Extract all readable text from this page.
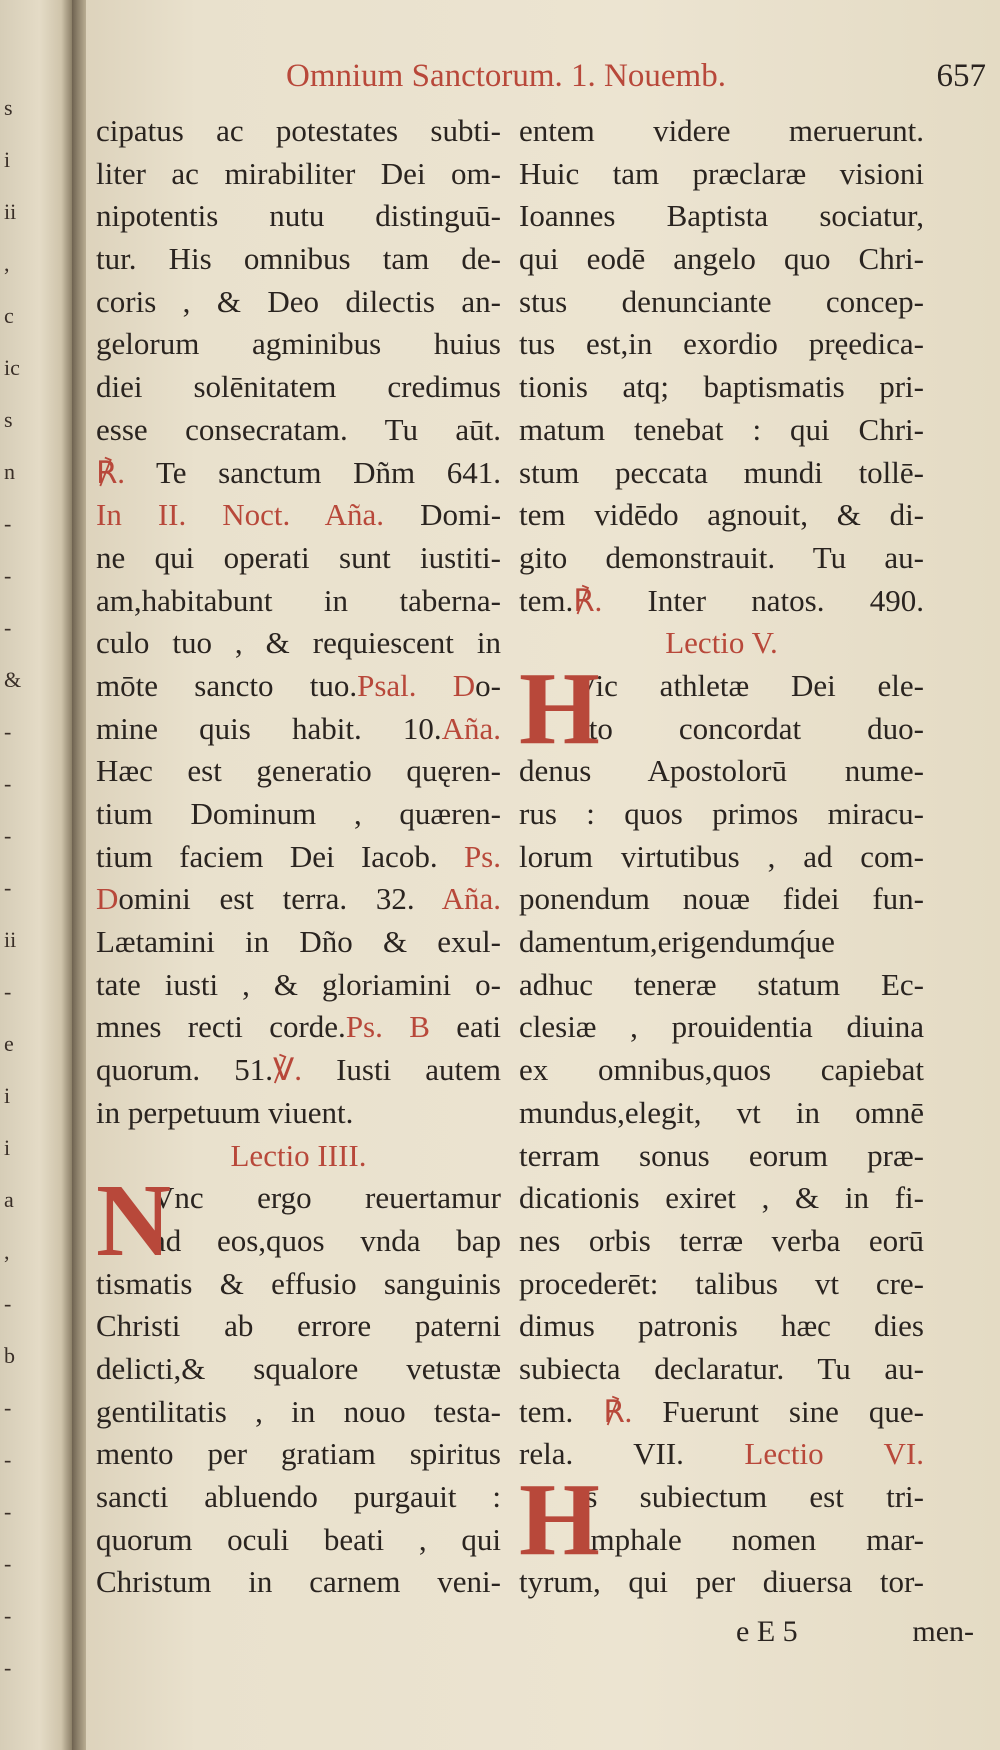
s
i
ii
,
c
ic
s
n
-
-
-
&
-
-
-
-
ii
-
e
i
i
a
,
-
b
-
-
-
-
-
-
Omnium Sanctorum. 1. Nouemb.	657
cipatus ac potestates subti-
liter ac mirabiliter Dei om-
nipotentis nutu distinguū-
tur. His omnibus tam de-
coris , & Deo dilectis an-
gelorum agminibus huius
diei solēnitatem credimus
esse consecratam. Tu aūt.
℟. Te sanctum Dñm 641.
In II. Noct. Aña. Domi-
ne qui operati sunt iustiti-
am,habitabunt in taberna-
culo tuo , & requiescent in
mōte sancto tuo.Psal. Do-
mine quis habit. 10.Aña.
Hæc est generatio quęren-
tium Dominum , quæren-
tium faciem Dei Iacob. Ps.
Domini est terra. 32. Aña.
Lætamini in Dño & exul-
tate iusti , & gloriamini o-
mnes recti corde.Ps. B eati
quorum. 51.℣. Iusti autem
in perpetuum viuent.
Lectio IIII.
N
Vnc ergo reuertamur
ad eos,quos vnda bap
tismatis & effusio sanguinis
Christi ab errore paterni
delicti,& squalore vetustæ
gentilitatis , in nouo testa-
mento per gratiam spiritus
sancti abluendo purgauit :
quorum oculi beati , qui
Christum in carnem veni-
entem videre meruerunt.
Huic tam præclaræ visioni
Ioannes Baptista sociatur,
qui eodē angelo quo Chri-
stus denunciante concep-
tus est,in exordio pręedica-
tionis atq; baptismatis pri-
matum tenebat : qui Chri-
stum peccata mundi tollē-
tem vidēdo agnouit, & di-
gito demonstrauit. Tu au-
tem.℟. Inter natos. 490.
Lectio V.
H
Vic athletæ Dei ele-
cto concordat duo-
denus Apostolorū nume-
rus : quos primos miracu-
lorum virtutibus , ad com-
ponendum nouæ fidei fun-
damentum,erigendumq́ue
adhuc teneræ statum Ec-
clesiæ , prouidentia diuina
ex omnibus,quos capiebat
mundus,elegit, vt in omnē
terram sonus eorum præ-
dicationis exiret , & in fi-
nes orbis terræ verba eorū
procederēt: talibus vt cre-
dimus patronis hæc dies
subiecta declaratur. Tu au-
tem. ℟. Fuerunt sine que-
rela. VII. Lectio VI.
H
Is subiectum est tri-
umphale nomen mar-
tyrum, qui per diuersa tor-
e E 5	men-
